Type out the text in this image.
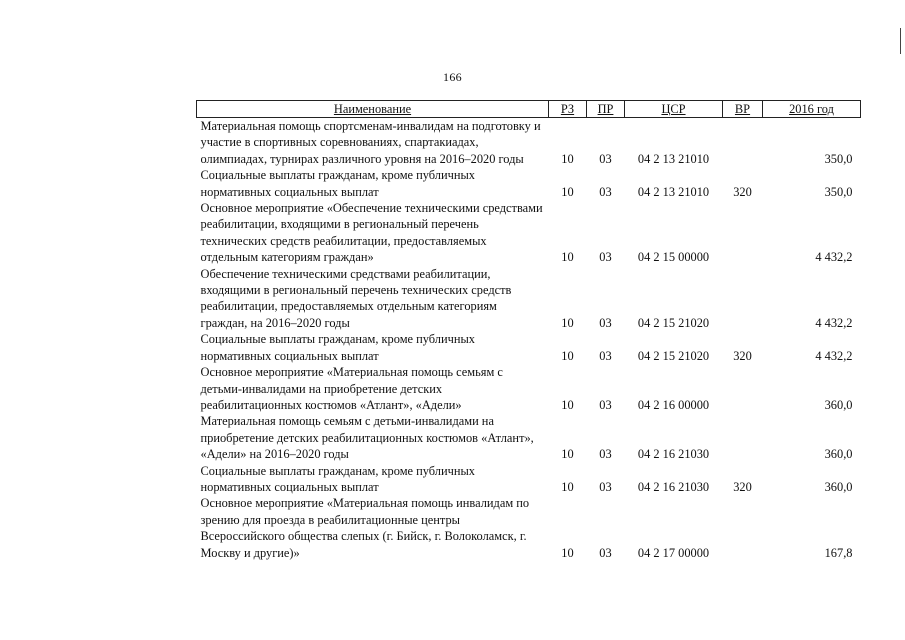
166
Наименование	РЗ	ПР	ЦСР	ВР	2016 год
Материальная помощь спортсменам-инвалидам на подготовку и участие в спортивных соревнованиях, спартакиадах, олимпиадах, турнирах различного уровня на 2016–2020 годы	10	03	04 2 13 21010		350,0
Социальные выплаты гражданам, кроме публичных нормативных социальных выплат	10	03	04 2 13 21010	320	350,0
Основное мероприятие «Обеспечение техническими средствами реабилитации, входящими в региональный перечень технических средств реабилитации, предоставляемых отдельным категориям граждан»	10	03	04 2 15 00000		4 432,2
Обеспечение техническими средствами реабилитации, входящими в региональный перечень технических средств реабилитации, предоставляемых отдельным категориям граждан, на 2016–2020 годы	10	03	04 2 15 21020		4 432,2
Социальные выплаты гражданам, кроме публичных нормативных социальных выплат	10	03	04 2 15 21020	320	4 432,2
Основное мероприятие «Материальная помощь семьям с детьми-инвалидами на приобретение детских реабилитационных костюмов «Атлант», «Адели»	10	03	04 2 16 00000		360,0
Материальная помощь семьям с детьми-инвалидами на приобретение детских реабилитационных костюмов «Атлант», «Адели» на 2016–2020 годы	10	03	04 2 16 21030		360,0
Социальные выплаты гражданам, кроме публичных нормативных социальных выплат	10	03	04 2 16 21030	320	360,0
Основное мероприятие «Материальная помощь инвалидам по зрению для проезда в реабилитационные центры Всероссийского общества слепых (г. Бийск, г. Волоколамск, г. Москву и другие)»	10	03	04 2 17 00000		167,8
